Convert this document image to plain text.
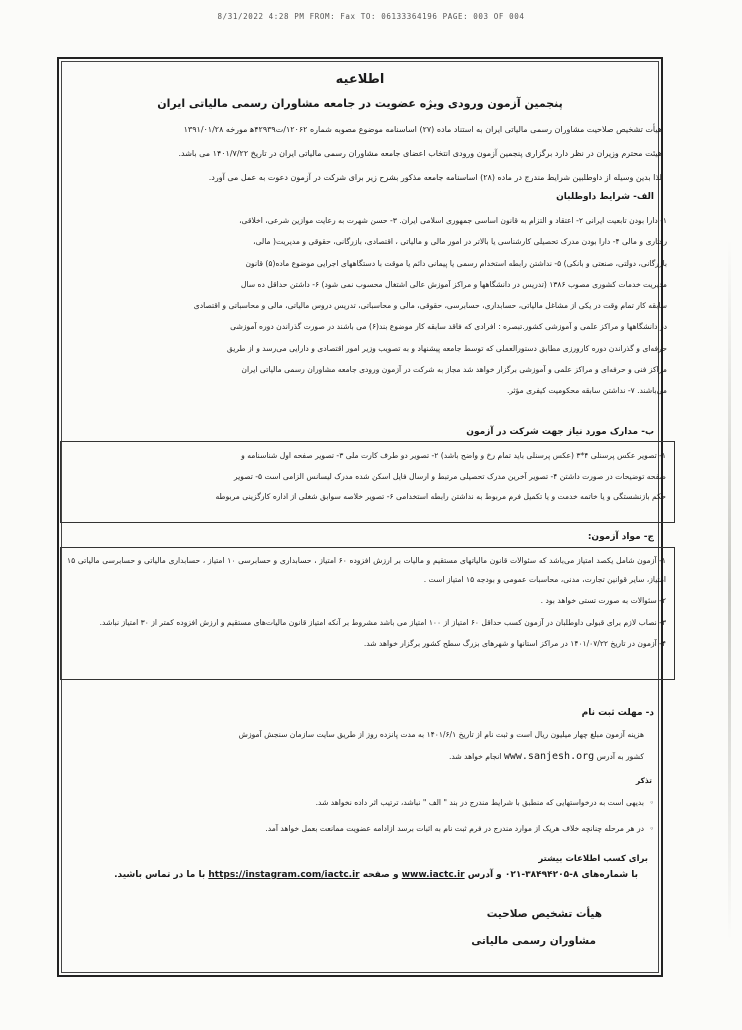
8/31/2022 4:28 PM FROM: Fax TO: 06133364196 PAGE: 003 OF 004
اطلاعیه
پنجمین آزمون ورودی ویژه عضویت در جامعه مشاوران رسمی مالیاتی ایران

هیأت تشخیص صلاحیت مشاوران رسمی مالیاتی ایران به استناد ماده (۲۷) اساسنامه موضوع مصوبه شماره ۱۲۰۶۲/ت۴۲۹۳۹ﻫ مورخه ۱۳۹۱/۰۱/۲۸

هیئت محترم وزیران در نظر دارد برگزاری پنجمین آزمون ورودی انتخاب اعضای جامعه مشاوران رسمی مالیاتی ایران در تاریخ ۱۴۰۱/۷/۲۲ می باشد.

لذا بدین وسیله از داوطلبین شرایط مندرج در ماده (۲۸) اساسنامه جامعه مذکور بشرح زیر برای شرکت در آزمون دعوت به عمل می آورد.

الف- شرایط داوطلبان

۱- دارا بودن تابعیت ایرانی ۲- اعتقاد و التزام به قانون اساسی جمهوری اسلامی ایران. ۳- حسن شهرت به رعایت موازین شرعی، اخلاقی،

رفتاری و مالی ۴- دارا بودن مدرک تحصیلی کارشناسی یا بالاتر در امور مالی و مالیاتی ، اقتصادی، بازرگانی، حقوقی و مدیریت( مالی،

بازرگانی، دولتی، صنعتی و بانکی) ۵- نداشتن رابطه استخدام رسمی یا پیمانی دائم یا موقت با دستگاههای اجرایی موضوع ماده(۵) قانون

مدیریت خدمات کشوری مصوب ۱۳۸۶ (تدریس در دانشگاهها و مراکز آموزش عالی اشتغال محسوب نمی شود) ۶- داشتن حداقل ده سال

سابقه کار تمام وقت در یکی از مشاغل مالیاتی، حسابداری، حسابرسی، حقوقی، مالی و محاسباتی، تدریس دروس مالیاتی، مالی و محاسباتی و اقتصادی

در دانشگاهها و مراکز علمی و آموزشی کشور.تبصره : افرادی که فاقد سابقه کار موضوع بند(۶) می باشند در صورت گذراندن دوره آموزشی

حرفه‌ای و گذراندن دوره کارورزی مطابق دستورالعملی که توسط جامعه پیشنهاد و به تصویب وزیر امور اقتصادی و دارایی می‌رسد و از طریق

مراکز فنی و حرفه‌ای و مراکز علمی و آموزشی برگزار خواهد شد مجاز به شرکت در آزمون ورودی جامعه مشاوران رسمی مالیاتی ایران

می‌باشند. ۷- نداشتن سابقه محکومیت کیفری مؤثر.

ب- مدارک مورد نیاز جهت شرکت در آزمون

۱- تصویر عکس پرسنلی ۴*۳ (عکس پرسنلی باید تمام رخ و واضح باشد) ۲- تصویر دو طرف کارت ملی ۳- تصویر صفحه اول شناسنامه و

صفحه توضیحات در صورت داشتن ۴- تصویر آخرین مدرک تحصیلی مرتبط و ارسال فایل اسکن شده مدرک لیسانس الزامی است ۵- تصویر

حکم بازنشستگی و یا خاتمه خدمت و یا تکمیل فرم مربوط به نداشتن رابطه استخدامی ۶- تصویر خلاصه سوابق شغلی از اداره کارگزینی مربوطه

ج- مواد آزمون:

۱- آزمون شامل یکصد امتیاز می‌باشد که سئوالات قانون مالیاتهای مستقیم و مالیات بر ارزش افزوده ۶۰ امتیاز ، حسابداری و حسابرسی ۱۰ امتیاز ، حسابداری مالیاتی و حسابرسی مالیاتی ۱۵ امتیاز، سایر قوانین تجارت، مدنی، محاسبات عمومی و بودجه ۱۵ امتیاز است .

۲- سئوالات به صورت تستی خواهد بود .

۳- نصاب لازم برای قبولی داوطلبان در آزمون کسب حداقل ۶۰ امتیاز از ۱۰۰ امتیاز می باشد مشروط بر آنکه امتیاز قانون مالیات‌های مستقیم و ارزش افزوده کمتر از ۳۰ امتیاز نباشد.

۴- آزمون در تاریخ ۱۴۰۱/۰۷/۲۲ در مراکز استانها و شهرهای بزرگ سطح کشور برگزار خواهد شد.

د- مهلت ثبت نام

هزینه آزمون مبلغ چهار میلیون ریال است و ثبت نام از تاریخ ۱۴۰۱/۶/۱ به مدت پانزده روز از طریق سایت سازمان سنجش آموزش

کشور به آدرس www.sanjesh.org انجام خواهد شد.

تذکر
◦ بدیهی است به درخواستهایی که منطبق با شرایط مندرج در بند " الف " نباشد، ترتیب اثر داده نخواهد شد.
◦ در هر مرحله چنانچه خلاف هریک از موارد مندرج در فرم ثبت نام به اثبات برسد ازادامه عضویت ممانعت بعمل خواهد آمد.
برای کسب اطلاعات بیشتر
با شماره‌های ۸-۳۸۴۹۴۲۰۵-۰۲۱ و آدرس www.iactc.ir و صفحه https://instagram.com/iactc.ir با ما در تماس باشید.
هیأت تشخیص صلاحیت
مشاوران رسمی مالیاتی
